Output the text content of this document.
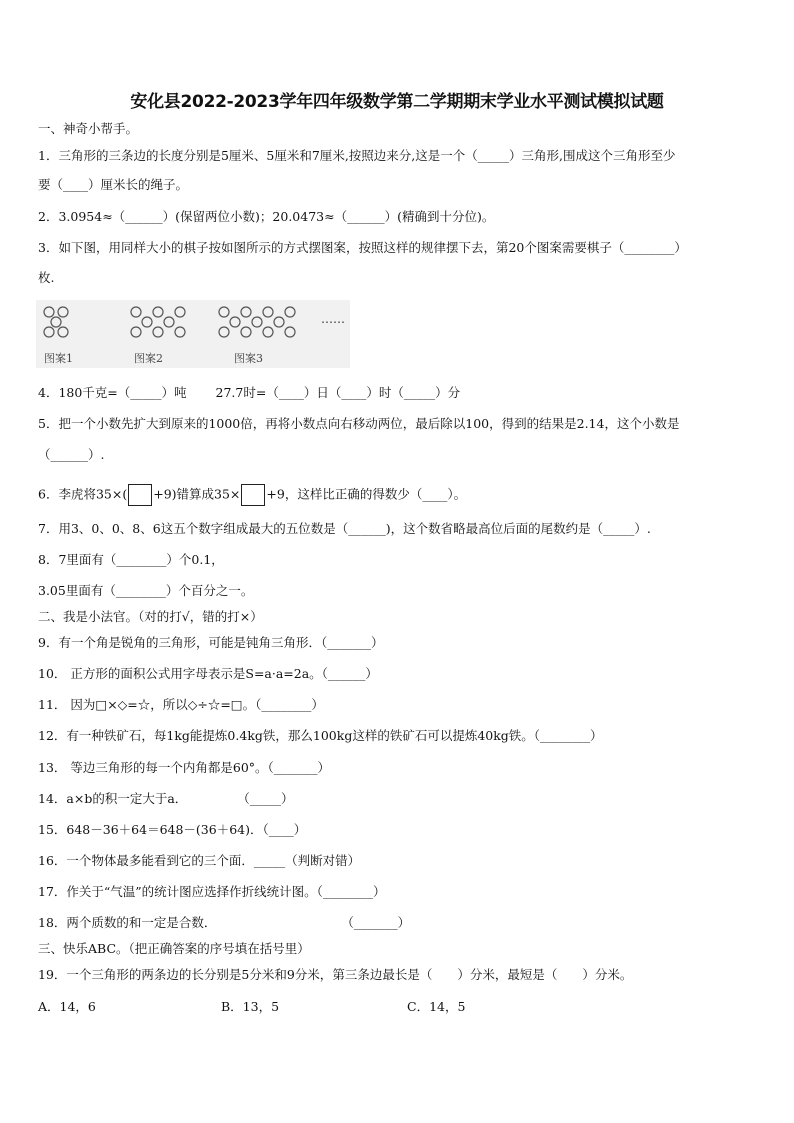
安化县2022-2023学年四年级数学第二学期期末学业水平测试模拟试题
一、神奇小帮手。
1．三角形的三条边的长度分别是5厘米、5厘米和7厘米,按照边来分,这是一个（_____）三角形,围成这个三角形至少
要（____）厘米长的绳子。
2．3.0954≈（______）(保留两位小数)；20.0473≈（______）(精确到十分位)。
3．如下图，用同样大小的棋子按如图所示的方式摆图案，按照这样的规律摆下去，第20个图案需要棋子（________）
枚.
图案1	图案2	图案3
……
4．180千克=（_____）吨　　 27.7时=（____）日（____）时（_____）分
5．把一个小数先扩大到原来的1000倍，再将小数点向右移动两位，最后除以100，得到的结果是2.14，这个小数是
（______）.
6．李虎将35×( +9)错算成35× +9，这样比正确的得数少（____）。
7．用3、0、0、8、6这五个数字组成最大的五位数是（______)，这个数省略最高位后面的尾数约是（_____）.
8．7里面有（________）个0.1，
3.05里面有（________）个百分之一。
二、我是小法官。（对的打√，错的打×）
9．有一个角是锐角的三角形，可能是钝角三角形．（_______）
10． 正方形的面积公式用字母表示是S=a·a=2a。（______）
11． 因为□×◇=☆，所以◇÷☆=□。（________）
12．有一种铁矿石，每1kg能提炼0.4kg铁，那么100kg这样的铁矿石可以提炼40kg铁。（________）
13． 等边三角形的每一个内角都是60°。（_______）
14．a×b的积一定大于a．　　　　　（_____）
15．648－36＋64＝648－(36＋64)．（____）
16．一个物体最多能看到它的三个面．_____（判断对错）
17．作关于“气温”的统计图应选择作折线统计图。（________）
18．两个质数的和一定是合数．　　　　　　　　　　　（_______）
三、快乐ABC。（把正确答案的序号填在括号里）
19．一个三角形的两条边的长分别是5分米和9分米，第三条边最长是（　　）分米，最短是（　　）分米。
A．14，6	B．13，5	C．14，5
